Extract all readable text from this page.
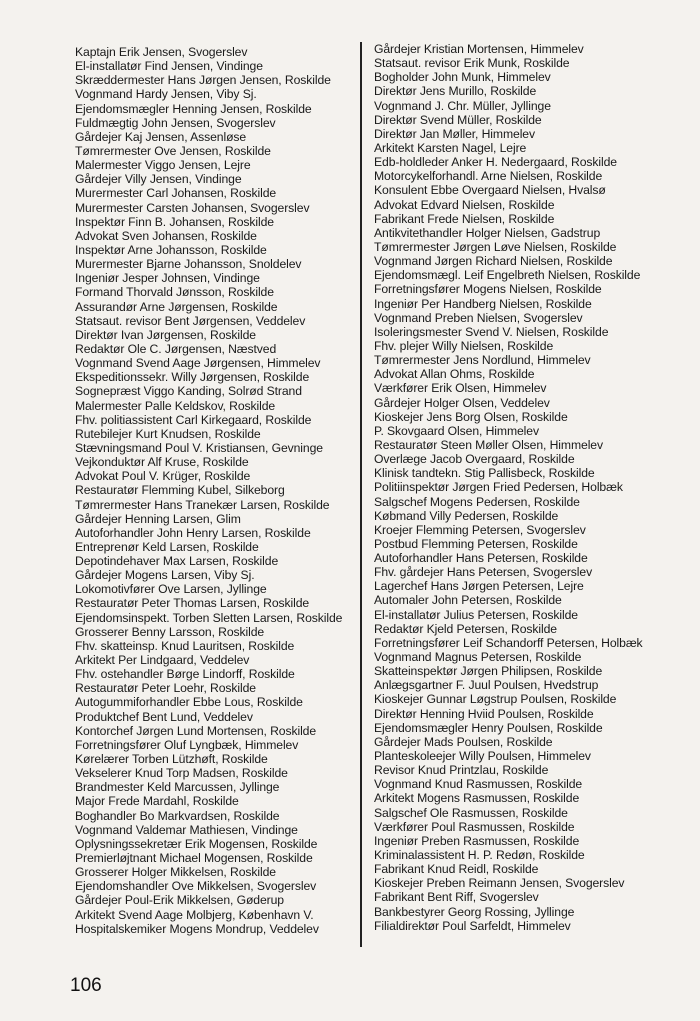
Kaptajn Erik Jensen, Svogerslev
El-installatør Find Jensen, Vindinge
Skræddermester Hans Jørgen Jensen, Roskilde
Vognmand Hardy Jensen, Viby Sj.
Ejendomsmægler Henning Jensen, Roskilde
Fuldmægtig John Jensen, Svogerslev
Gårdejer Kaj Jensen, Assenløse
Tømrermester Ove Jensen, Roskilde
Malermester Viggo Jensen, Lejre
Gårdejer Villy Jensen, Vindinge
Murermester Carl Johansen, Roskilde
Murermester Carsten Johansen, Svogerslev
Inspektør Finn B. Johansen, Roskilde
Advokat Sven Johansen, Roskilde
Inspektør Arne Johansson, Roskilde
Murermester Bjarne Johansson, Snoldelev
Ingeniør Jesper Johnsen, Vindinge
Formand Thorvald Jønsson, Roskilde
Assurandør Arne Jørgensen, Roskilde
Statsaut. revisor Bent Jørgensen, Veddelev
Direktør Ivan Jørgensen, Roskilde
Redaktør Ole C. Jørgensen, Næstved
Vognmand Svend Aage Jørgensen, Himmelev
Ekspeditionssekr. Willy Jørgensen, Roskilde
Sognepræst Viggo Kanding, Solrød Strand
Malermester Palle Keldskov, Roskilde
Fhv. politiassistent Carl Kirkegaard, Roskilde
Rutebilejer Kurt Knudsen, Roskilde
Stævningsmand Poul V. Kristiansen, Gevninge
Vejkonduktør Alf Kruse, Roskilde
Advokat Poul V. Krüger, Roskilde
Restauratør Flemming Kubel, Silkeborg
Tømrermester Hans Tranekær Larsen, Roskilde
Gårdejer Henning Larsen, Glim
Autoforhandler John Henry Larsen, Roskilde
Entreprenør Keld Larsen, Roskilde
Depotindehaver Max Larsen, Roskilde
Gårdejer Mogens Larsen, Viby Sj.
Lokomotivfører Ove Larsen, Jyllinge
Restauratør Peter Thomas Larsen, Roskilde
Ejendomsinspekt. Torben Sletten Larsen, Roskilde
Grosserer Benny Larsson, Roskilde
Fhv. skatteinsp. Knud Lauritsen, Roskilde
Arkitekt Per Lindgaard, Veddelev
Fhv. ostehandler Børge Lindorff, Roskilde
Restauratør Peter Loehr, Roskilde
Autogummiforhandler Ebbe Lous, Roskilde
Produktchef Bent Lund, Veddelev
Kontorchef Jørgen Lund Mortensen, Roskilde
Forretningsfører Oluf Lyngbæk, Himmelev
Kørelærer Torben Lützhøft, Roskilde
Vekselerer Knud Torp Madsen, Roskilde
Brandmester Keld Marcussen, Jyllinge
Major Frede Mardahl, Roskilde
Boghandler Bo Markvardsen, Roskilde
Vognmand Valdemar Mathiesen, Vindinge
Oplysningssekretær Erik Mogensen, Roskilde
Premierløjtnant Michael Mogensen, Roskilde
Grosserer Holger Mikkelsen, Roskilde
Ejendomshandler Ove Mikkelsen, Svogerslev
Gårdejer Poul-Erik Mikkelsen, Gøderup
Arkitekt Svend Aage Molbjerg, København V.
Hospitalskemiker Mogens Mondrup, Veddelev
Gårdejer Kristian Mortensen, Himmelev
Statsaut. revisor Erik Munk, Roskilde
Bogholder John Munk, Himmelev
Direktør Jens Murillo, Roskilde
Vognmand J. Chr. Müller, Jyllinge
Direktør Svend Müller, Roskilde
Direktør Jan Møller, Himmelev
Arkitekt Karsten Nagel, Lejre
Edb-holdleder Anker H. Nedergaard, Roskilde
Motorcykelforhandl. Arne Nielsen, Roskilde
Konsulent Ebbe Overgaard Nielsen, Hvalsø
Advokat Edvard Nielsen, Roskilde
Fabrikant Frede Nielsen, Roskilde
Antikvitethandler Holger Nielsen, Gadstrup
Tømrermester Jørgen Løve Nielsen, Roskilde
Vognmand Jørgen Richard Nielsen, Roskilde
Ejendomsmægl. Leif Engelbreth Nielsen, Roskilde
Forretningsfører Mogens Nielsen, Roskilde
Ingeniør Per Handberg Nielsen, Roskilde
Vognmand Preben Nielsen, Svogerslev
Isoleringsmester Svend V. Nielsen, Roskilde
Fhv. plejer Willy Nielsen, Roskilde
Tømrermester Jens Nordlund, Himmelev
Advokat Allan Ohms, Roskilde
Værkfører Erik Olsen, Himmelev
Gårdejer Holger Olsen, Veddelev
Kioskejer Jens Borg Olsen, Roskilde
P. Skovgaard Olsen, Himmelev
Restauratør Steen Møller Olsen, Himmelev
Overlæge Jacob Overgaard, Roskilde
Klinisk tandtekn. Stig Pallisbeck, Roskilde
Politiinspektør Jørgen Fried Pedersen, Holbæk
Salgschef Mogens Pedersen, Roskilde
Købmand Villy Pedersen, Roskilde
Kroejer Flemming Petersen, Svogerslev
Postbud Flemming Petersen, Roskilde
Autoforhandler Hans Petersen, Roskilde
Fhv. gårdejer Hans Petersen, Svogerslev
Lagerchef Hans Jørgen Petersen, Lejre
Automaler John Petersen, Roskilde
El-installatør Julius Petersen, Roskilde
Redaktør Kjeld Petersen, Roskilde
Forretningsfører Leif Schandorff Petersen, Holbæk
Vognmand Magnus Petersen, Roskilde
Skatteinspektør Jørgen Philipsen, Roskilde
Anlægsgartner F. Juul Poulsen, Hvedstrup
Kioskejer Gunnar Løgstrup Poulsen, Roskilde
Direktør Henning Hviid Poulsen, Roskilde
Ejendomsmægler Henry Poulsen, Roskilde
Gårdejer Mads Poulsen, Roskilde
Planteskoleejer Willy Poulsen, Himmelev
Revisor Knud Printzlau, Roskilde
Vognmand Knud Rasmussen, Roskilde
Arkitekt Mogens Rasmussen, Roskilde
Salgschef Ole Rasmussen, Roskilde
Værkfører Poul Rasmussen, Roskilde
Ingeniør Preben Rasmussen, Roskilde
Kriminalassistent H. P. Redøn, Roskilde
Fabrikant Knud Reidl, Roskilde
Kioskejer Preben Reimann Jensen, Svogerslev
Fabrikant Bent Riff, Svogerslev
Bankbestyrer Georg Rossing, Jyllinge
Filialdirektør Poul Sarfeldt, Himmelev
106
